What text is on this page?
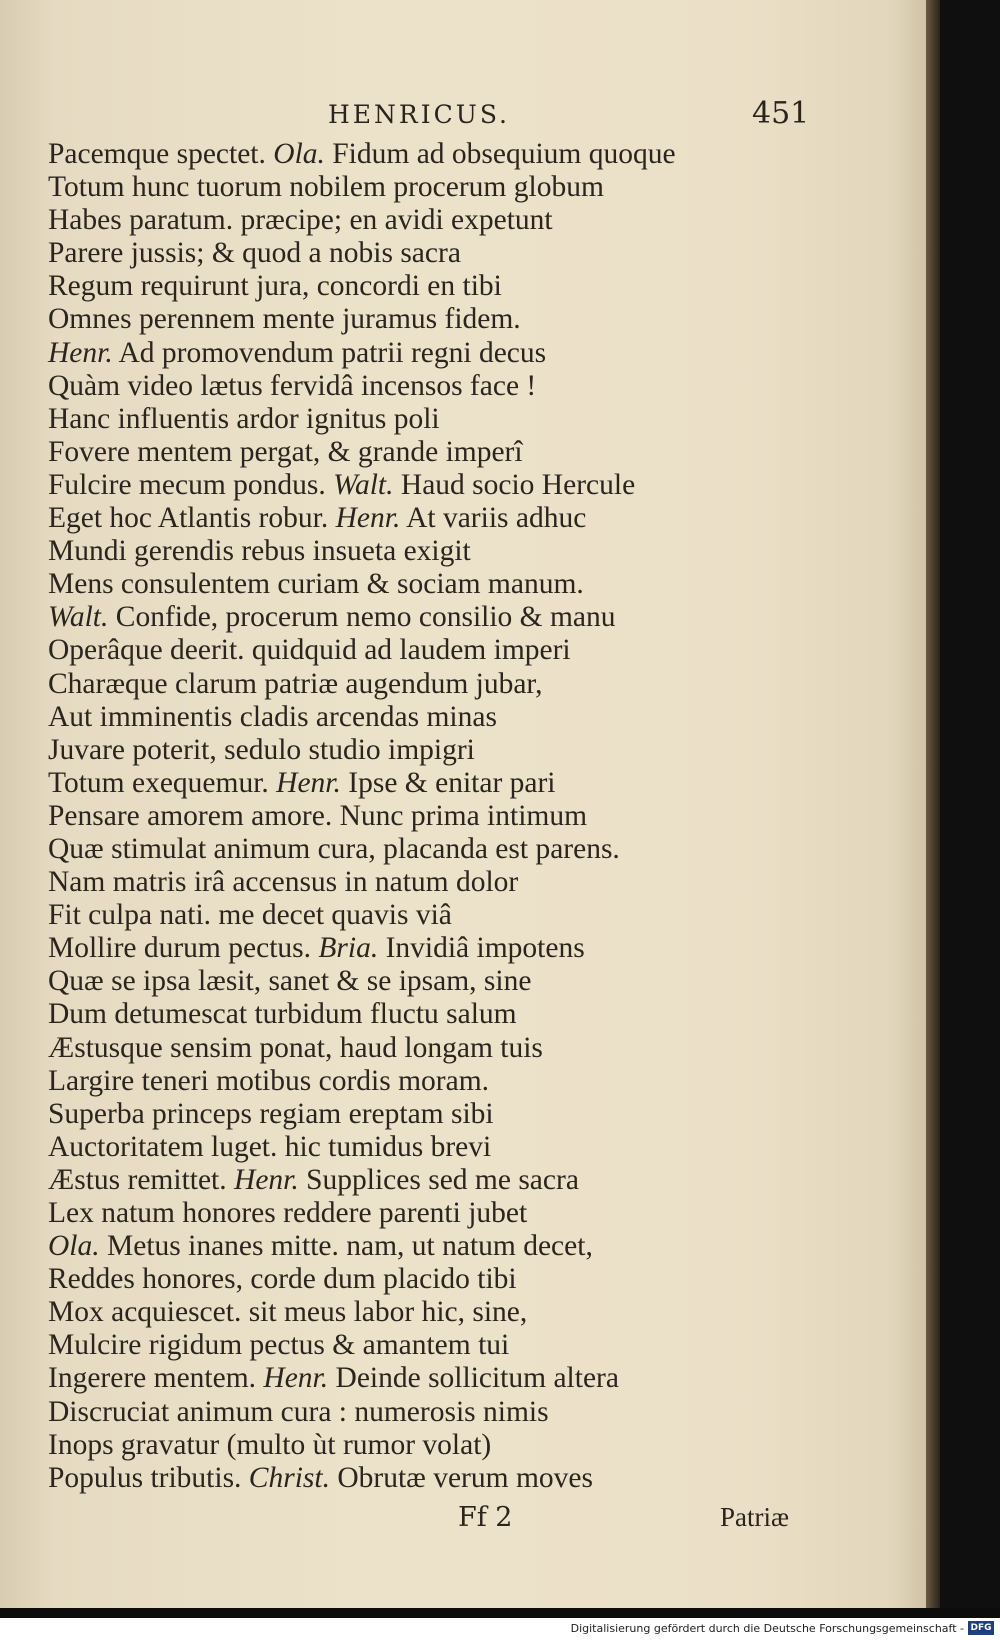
HENRICUS.	451
Pacemque spectet. Ola. Fidum ad obsequium quoque
Totum hunc tuorum nobilem procerum globum
Habes paratum. præcipe; en avidi expetunt
Parere jussis; & quod a nobis sacra
Regum requirunt jura, concordi en tibi
Omnes perennem mente juramus fidem.
Henr. Ad promovendum patrii regni decus
Quàm video lætus fervidâ incensos face !
Hanc influentis ardor ignitus poli
Fovere mentem pergat, & grande imperî
Fulcire mecum pondus. Walt. Haud socio Hercule
Eget hoc Atlantis robur. Henr. At variis adhuc
Mundi gerendis rebus insueta exigit
Mens consulentem curiam & sociam manum.
Walt. Confide, procerum nemo consilio & manu
Operâque deerit. quidquid ad laudem imperi
Charæque clarum patriæ augendum jubar,
Aut imminentis cladis arcendas minas
Juvare poterit, sedulo studio impigri
Totum exequemur. Henr. Ipse & enitar pari
Pensare amorem amore. Nunc prima intimum
Quæ stimulat animum cura, placanda est parens.
Nam matris irâ accensus in natum dolor
Fit culpa nati. me decet quavis viâ
Mollire durum pectus. Bria. Invidiâ impotens
Quæ se ipsa læsit, sanet & se ipsam, sine
Dum detumescat turbidum fluctu salum
Æstusque sensim ponat, haud longam tuis
Largire teneri motibus cordis moram.
Superba princeps regiam ereptam sibi
Auctoritatem luget. hic tumidus brevi
Æstus remittet. Henr. Supplices sed me sacra
Lex natum honores reddere parenti jubet
Ola. Metus inanes mitte. nam, ut natum decet,
Reddes honores, corde dum placido tibi
Mox acquiescet. sit meus labor hic, sine,
Mulcire rigidum pectus & amantem tui
Ingerere mentem. Henr. Deinde sollicitum altera
Discruciat animum cura : numerosis nimis
Inops gravatur (multo ùt rumor volat)
Populus tributis. Christ. Obrutæ verum moves
Ff 2	Patriæ
Digitalisierung gefördert durch die Deutsche Forschungsgemeinschaft - DFG
